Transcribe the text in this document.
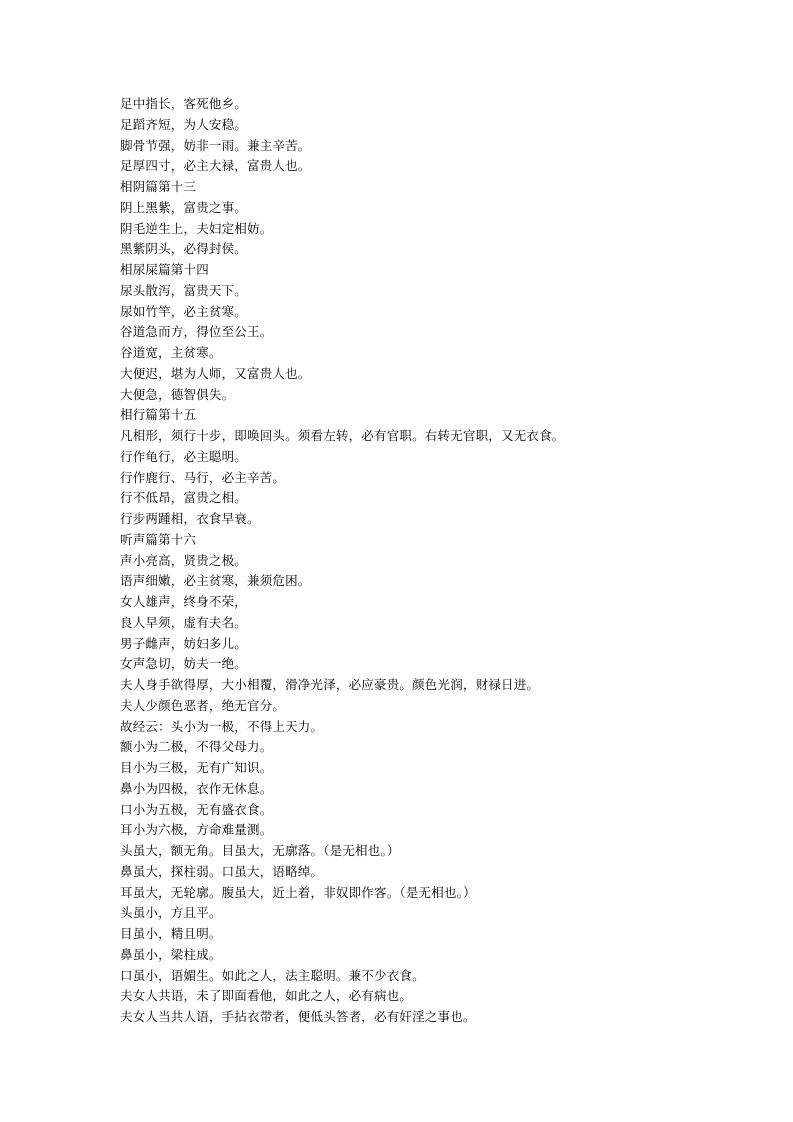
足中指长，客死他乡。
足蹈齐短，为人安稳。
脚骨节强，妨非一雨。兼主辛苦。
足厚四寸，必主大禄，富贵人也。
相阴篇第十三
阴上黑紫，富贵之事。
阴毛逆生上，夫妇定相妨。
黑紫阴头，必得封侯。
相尿屎篇第十四
尿头散泻，富贵天下。
尿如竹竿，必主贫寒。
谷道急而方，得位至公王。
谷道宽，主贫寒。
大便迟，堪为人师，又富贵人也。
大便急，德智俱失。
相行篇第十五
凡相形，须行十步，即唤回头。须看左转，必有官职。右转无官职，又无衣食。
行作龟行，必主聪明。
行作鹿行、马行，必主辛苦。
行不低昂，富贵之相。
行步两踵相，衣食早衰。
听声篇第十六
声小亮高，贤贵之极。
语声细嫩，必主贫寒，兼须危困。
女人雄声，终身不荣，
良人早须，虚有夫名。
男子雌声，妨妇多儿。
女声急切，妨夫一绝。
夫人身手欲得厚，大小相覆，滑净光泽，必应豪贵。颜色光润，财禄日进。
夫人少颜色恶者，绝无官分。
故经云：头小为一极，不得上天力。
额小为二极，不得父母力。
目小为三极，无有广知识。
鼻小为四极，衣作无休息。
口小为五极，无有盛衣食。
耳小为六极，方命难量测。
头虽大，额无角。目虽大，无廓落。（是无相也。）
鼻虽大，探柱弱。口虽大，语略绰。
耳虽大，无轮廓。腹虽大，近上着，非奴即作客。（是无相也。）
头虽小，方且平。
目虽小，精且明。
鼻虽小，梁柱成。
口虽小，语媚生。如此之人，法主聪明。兼不少衣食。
夫女人共语，未了即面看他，如此之人，必有病也。
夫女人当共人语，手拈衣带者，便低头答者，必有奸淫之事也。
